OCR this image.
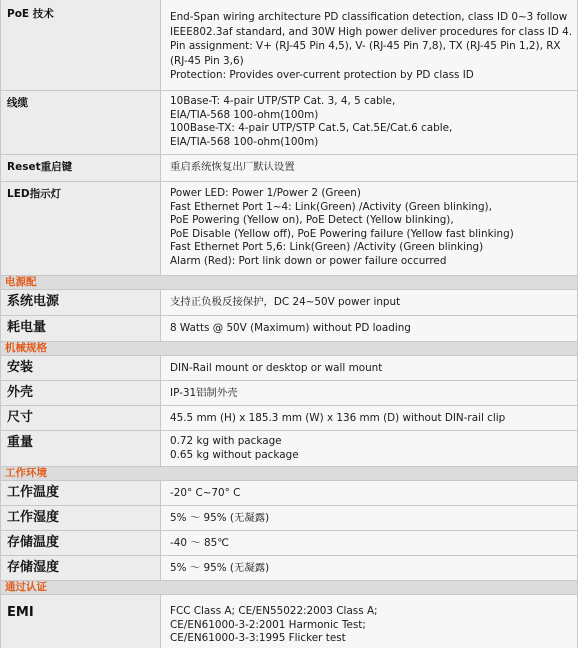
PoE 技术	End-Span wiring architecture PD classification detection, class ID 0~3 follow
IEEE802.3af standard, and 30W High power deliver procedures for class ID 4.
Pin assignment: V+ (RJ-45 Pin 4,5), V- (RJ-45 Pin 7,8), TX (RJ-45 Pin 1,2), RX
(RJ-45 Pin 3,6)
Protection: Provides over-current protection by PD class ID
线缆	10Base-T: 4-pair UTP/STP Cat. 3, 4, 5 cable,
EIA/TIA-568 100-ohm(100m)
100Base-TX: 4-pair UTP/STP Cat.5, Cat.5E/Cat.6 cable,
EIA/TIA-568 100-ohm(100m)
Reset重启键	重启系统恢复出厂默认设置
LED指示灯	Power LED: Power 1/Power 2 (Green)
Fast Ethernet Port 1~4: Link(Green) /Activity (Green blinking),
PoE Powering (Yellow on), PoE Detect (Yellow blinking),
PoE Disable (Yellow off), PoE Powering failure (Yellow fast blinking)
Fast Ethernet Port 5,6: Link(Green) /Activity (Green blinking)
Alarm (Red): Port link down or power failure occurred
电源配
系统电源	支持正负极反接保护，DC 24~50V power input
耗电量	8 Watts @ 50V (Maximum) without PD loading
机械规格
安装	DIN-Rail mount or desktop or wall mount
外壳	IP-31铝制外壳
尺寸	45.5 mm (H) x 185.3 mm (W) x 136 mm (D) without DIN-rail clip
重量	0.72 kg with package
0.65 kg without package
工作环境
工作温度	-20° C~70° C
工作湿度	5% ～ 95% (无凝露)
存储温度	-40 ～ 85℃
存储湿度	5% ～ 95% (无凝露)
通过认证
EMI	FCC Class A; CE/EN55022:2003 Class A;
CE/EN61000-3-2:2001 Harmonic Test;
CE/EN61000-3-3:1995 Flicker test
